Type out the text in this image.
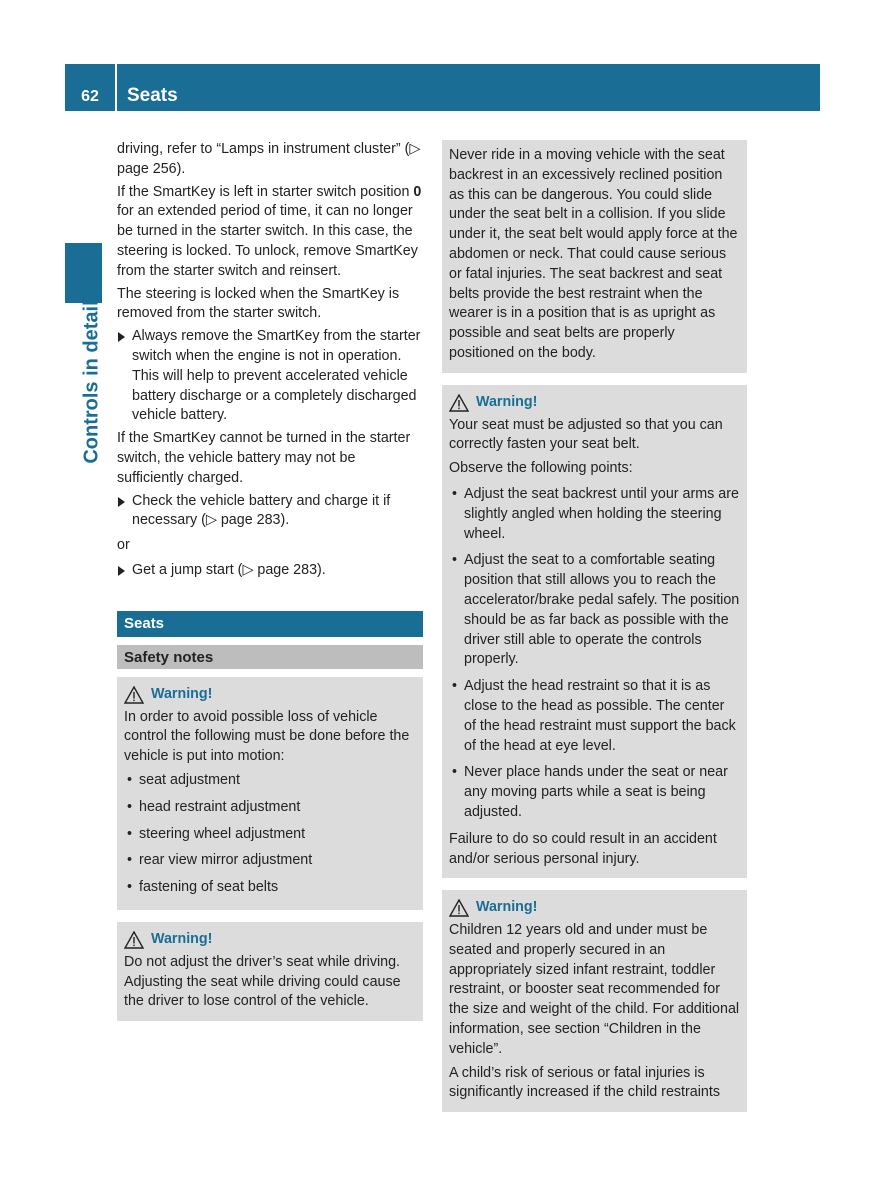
62	Seats
Controls in detail

driving, refer to “Lamps in instrument cluster” (▷ page 256).

If the SmartKey is left in starter switch position 0 for an extended period of time, it can no longer be turned in the starter switch. In this case, the steering is locked. To unlock, remove SmartKey from the starter switch and reinsert.

The steering is locked when the SmartKey is removed from the starter switch.

Always remove the SmartKey from the starter switch when the engine is not in operation.
This will help to prevent accelerated vehicle battery discharge or a completely discharged vehicle battery.

If the SmartKey cannot be turned in the starter switch, the vehicle battery may not be sufficiently charged.

Check the vehicle battery and charge it if necessary (▷ page 283).

or

Get a jump start (▷ page 283).
Seats
Safety notes
Warning!

In order to avoid possible loss of vehicle control the following must be done before the vehicle is put into motion:

• seat adjustment
• head restraint adjustment
• steering wheel adjustment
• rear view mirror adjustment
• fastening of seat belts
Warning!

Do not adjust the driver’s seat while driving. Adjusting the seat while driving could cause the driver to lose control of the vehicle.

Never ride in a moving vehicle with the seat backrest in an excessively reclined position as this can be dangerous. You could slide under the seat belt in a collision. If you slide under it, the seat belt would apply force at the abdomen or neck. That could cause serious or fatal injuries. The seat backrest and seat belts provide the best restraint when the wearer is in a position that is as upright as possible and seat belts are properly positioned on the body.

Warning!

Your seat must be adjusted so that you can correctly fasten your seat belt.

Observe the following points:

• Adjust the seat backrest until your arms are slightly angled when holding the steering wheel.
• Adjust the seat to a comfortable seating position that still allows you to reach the accelerator/brake pedal safely. The position should be as far back as possible with the driver still able to operate the controls properly.
• Adjust the head restraint so that it is as close to the head as possible. The center of the head restraint must support the back of the head at eye level.
• Never place hands under the seat or near any moving parts while a seat is being adjusted.

Failure to do so could result in an accident and/or serious personal injury.

Warning!

Children 12 years old and under must be seated and properly secured in an appropriately sized infant restraint, toddler restraint, or booster seat recommended for the size and weight of the child. For additional information, see section “Children in the vehicle”.

A child’s risk of serious or fatal injuries is significantly increased if the child restraints
